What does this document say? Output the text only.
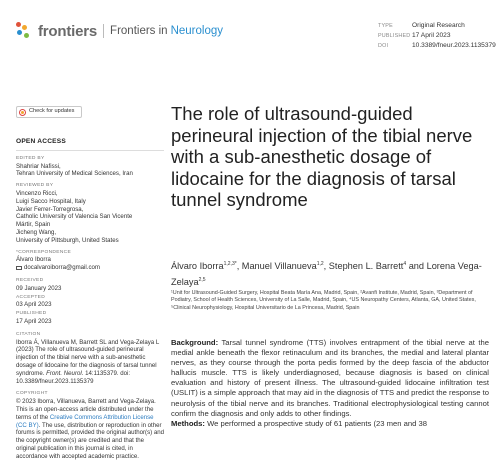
frontiers Frontiers in Neurology	TYPE	Original Research
PUBLISHED 17 April 2023
DOI	10.3389/fneur.2023.1135379
Check for updates
OPEN ACCESS
EDITED BY
Shahriar Nafissi,
Tehran University of Medical Sciences, Iran
REVIEWED BY
Vincenzo Ricci,
Luigi Sacco Hospital, Italy
Javier Ferrer-Torregrosa,
Catholic University of Valencia San Vicente
Mártir, Spain
Jicheng Wang,
University of Pittsburgh, United States
*CORRESPONDENCE
Álvaro Iborra
docalvaroiborra@gmail.com
RECEIVED
09 January 2023
ACCEPTED
03 April 2023
PUBLISHED
17 April 2023
CITATION
Iborra Á, Villanueva M, Barrett SL and Vega-Zelaya L (2023) The role of ultrasound-guided perineural injection of the tibial nerve with a sub-anesthetic dosage of lidocaine for the diagnosis of tarsal tunnel syndrome. Front. Neurol. 14:1135379. doi: 10.3389/fneur.2023.1135379
COPYRIGHT
© 2023 Iborra, Villanueva, Barrett and Vega-Zelaya. This is an open-access article distributed under the terms of the Creative Commons Attribution License (CC BY). The use, distribution or reproduction in other forums is permitted, provided the original author(s) and the copyright owner(s) are credited and that the original publication in this journal is cited, in accordance with accepted academic practice.
The role of ultrasound-guided perineural injection of the tibial nerve with a sub-anesthetic dosage of lidocaine for the diagnosis of tarsal tunnel syndrome
Álvaro Iborra$^{1,2,3*}$, Manuel Villanueva$^{1,2}$, Stephen L. Barrett$^4$ and Lorena Vega-Zelaya$^{2,5}$
¹Unit for Ultrasound-Guided Surgery, Hospital Beata María Ana, Madrid, Spain, ²Avanfi Institute, Madrid, Spain, ³Department of Podiatry, School of Health Sciences, University of La Salle, Madrid, Spain, ⁴US Neuropathy Centers, Atlanta, GA, United States, ⁵Clinical Neurophysiology, Hospital Universitario de La Princesa, Madrid, Spain

Background: Tarsal tunnel syndrome (TTS) involves entrapment of the tibial nerve at the medial ankle beneath the flexor retinaculum and its branches, the medial and lateral plantar nerves, as they course through the porta pedis formed by the deep fascia of the abductor hallucis muscle. TTS is likely underdiagnosed, because diagnosis is based on clinical evaluation and history of present illness. The ultrasound-guided lidocaine infiltration test (USLIT) is a simple approach that may aid in the diagnosis of TTS and predict the response to neurolysis of the tibial nerve and its branches. Traditional electrophysiological testing cannot confirm the diagnosis and only adds to other findings.

Methods: We performed a prospective study of 61 patients (23 men and 38
